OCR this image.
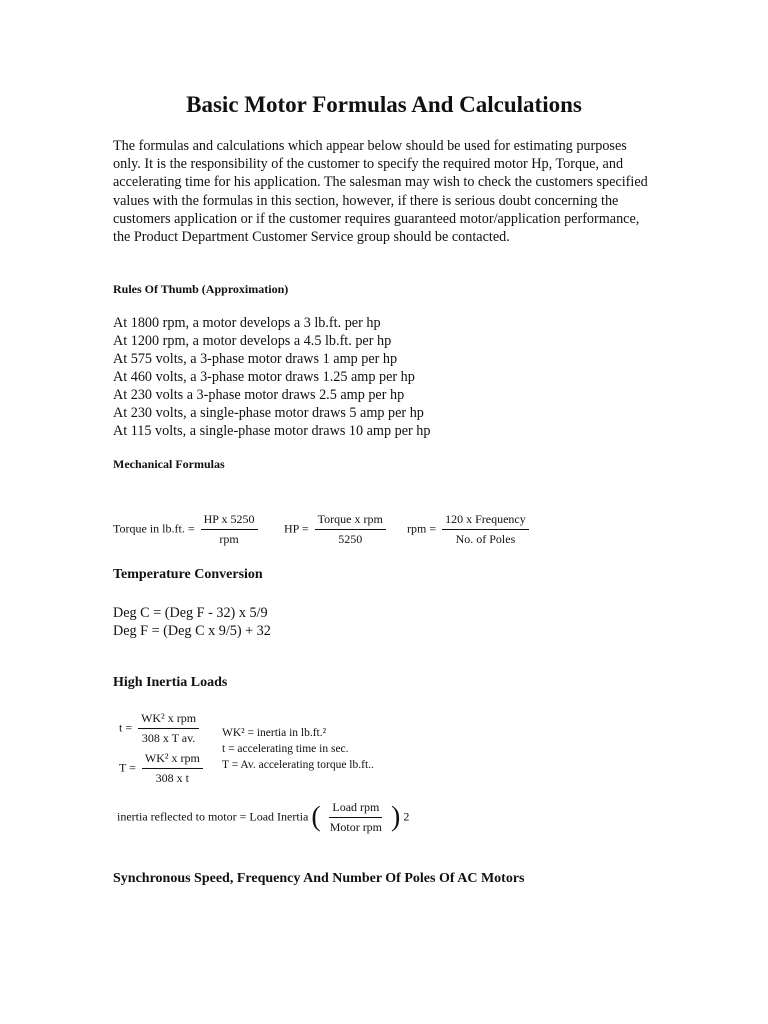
Basic Motor Formulas And Calculations
The formulas and calculations which appear below should be used for estimating purposes only. It is the responsibility of the customer to specify the required motor Hp, Torque, and accelerating time for his application. The salesman may wish to check the customers specified values with the formulas in this section, however, if there is serious doubt concerning the customers application or if the customer requires guaranteed motor/application performance, the Product Department Customer Service group should be contacted.
Rules Of Thumb (Approximation)
At 1800 rpm, a motor develops a 3 lb.ft. per hp
At 1200 rpm, a motor develops a 4.5 lb.ft. per hp
At 575 volts, a 3-phase motor draws 1 amp per hp
At 460 volts, a 3-phase motor draws 1.25 amp per hp
At 230 volts a 3-phase motor draws 2.5 amp per hp
At 230 volts, a single-phase motor draws 5 amp per hp
At 115 volts, a single-phase motor draws 10 amp per hp
Mechanical Formulas
Torque in lb.ft. = $\frac{\text{HP x 5250}}{\text{rpm}}$ HP = $\frac{\text{Torque x rpm}}{5250}$ rpm = $\frac{\text{120 x Frequency}}{\text{No. of Poles}}$
Temperature Conversion
Deg C = (Deg F - 32) x 5/9
Deg F = (Deg C x 9/5) + 32
High Inertia Loads
$t = \frac{\text{WK² x rpm}}{\text{308 x T av.}}$
$T = \frac{\text{WK² x rpm}}{\text{308 x t}}$
WK² = inertia in lb.ft.²
t = accelerating time in sec.
T = Av. accelerating torque lb.ft..
inertia reflected to motor = Load Inertia ( $\frac{\text{Load rpm}}{\text{Motor rpm}}$ ) 2
Synchronous Speed, Frequency And Number Of Poles Of AC Motors
